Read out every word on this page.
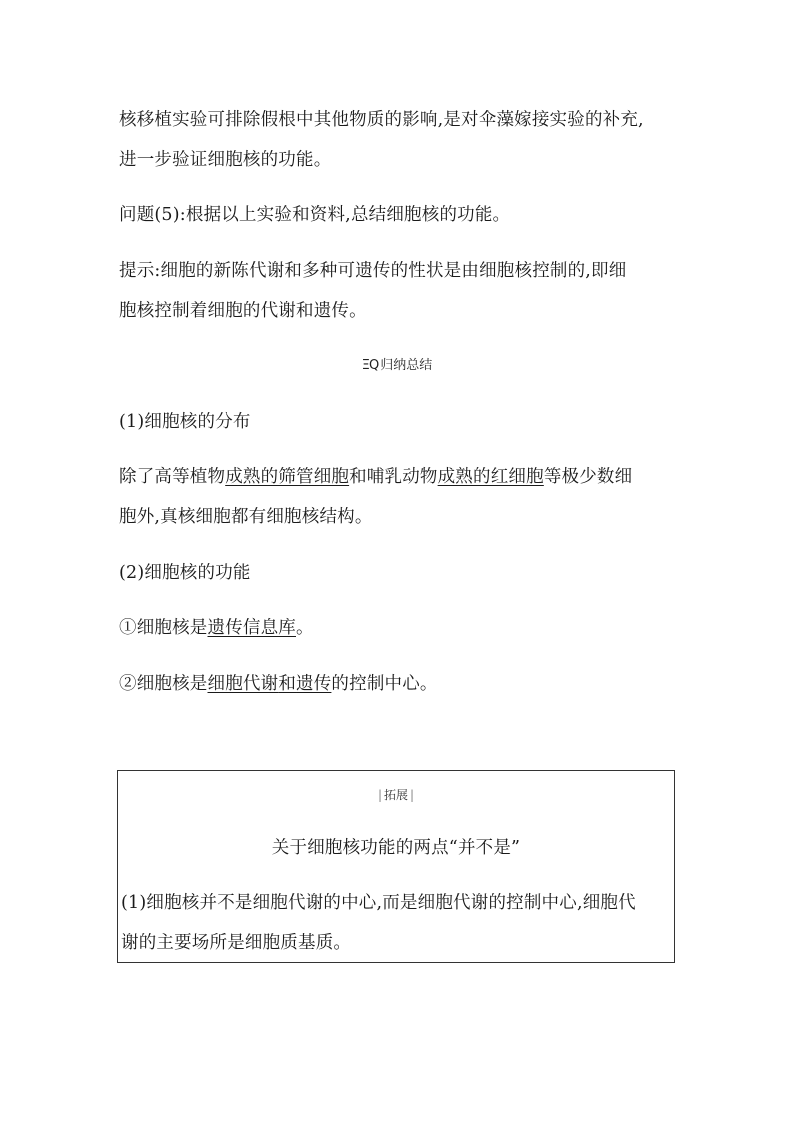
核移植实验可排除假根中其他物质的影响,是对伞藻嫁接实验的补充,
进一步验证细胞核的功能。
问题(5):根据以上实验和资料,总结细胞核的功能。
提示:细胞的新陈代谢和多种可遗传的性状是由细胞核控制的,即细
胞核控制着细胞的代谢和遗传。
ΞQ 归纳总结
(1)细胞核的分布
除了高等植物成熟的筛管细胞和哺乳动物成熟的红细胞等极少数细
胞外,真核细胞都有细胞核结构。
(2)细胞核的功能
①细胞核是遗传信息库。
②细胞核是细胞代谢和遗传的控制中心。
| 拓展 |
关于细胞核功能的两点“并不是”
(1)细胞核并不是细胞代谢的中心,而是细胞代谢的控制中心,细胞代
谢的主要场所是细胞质基质。
